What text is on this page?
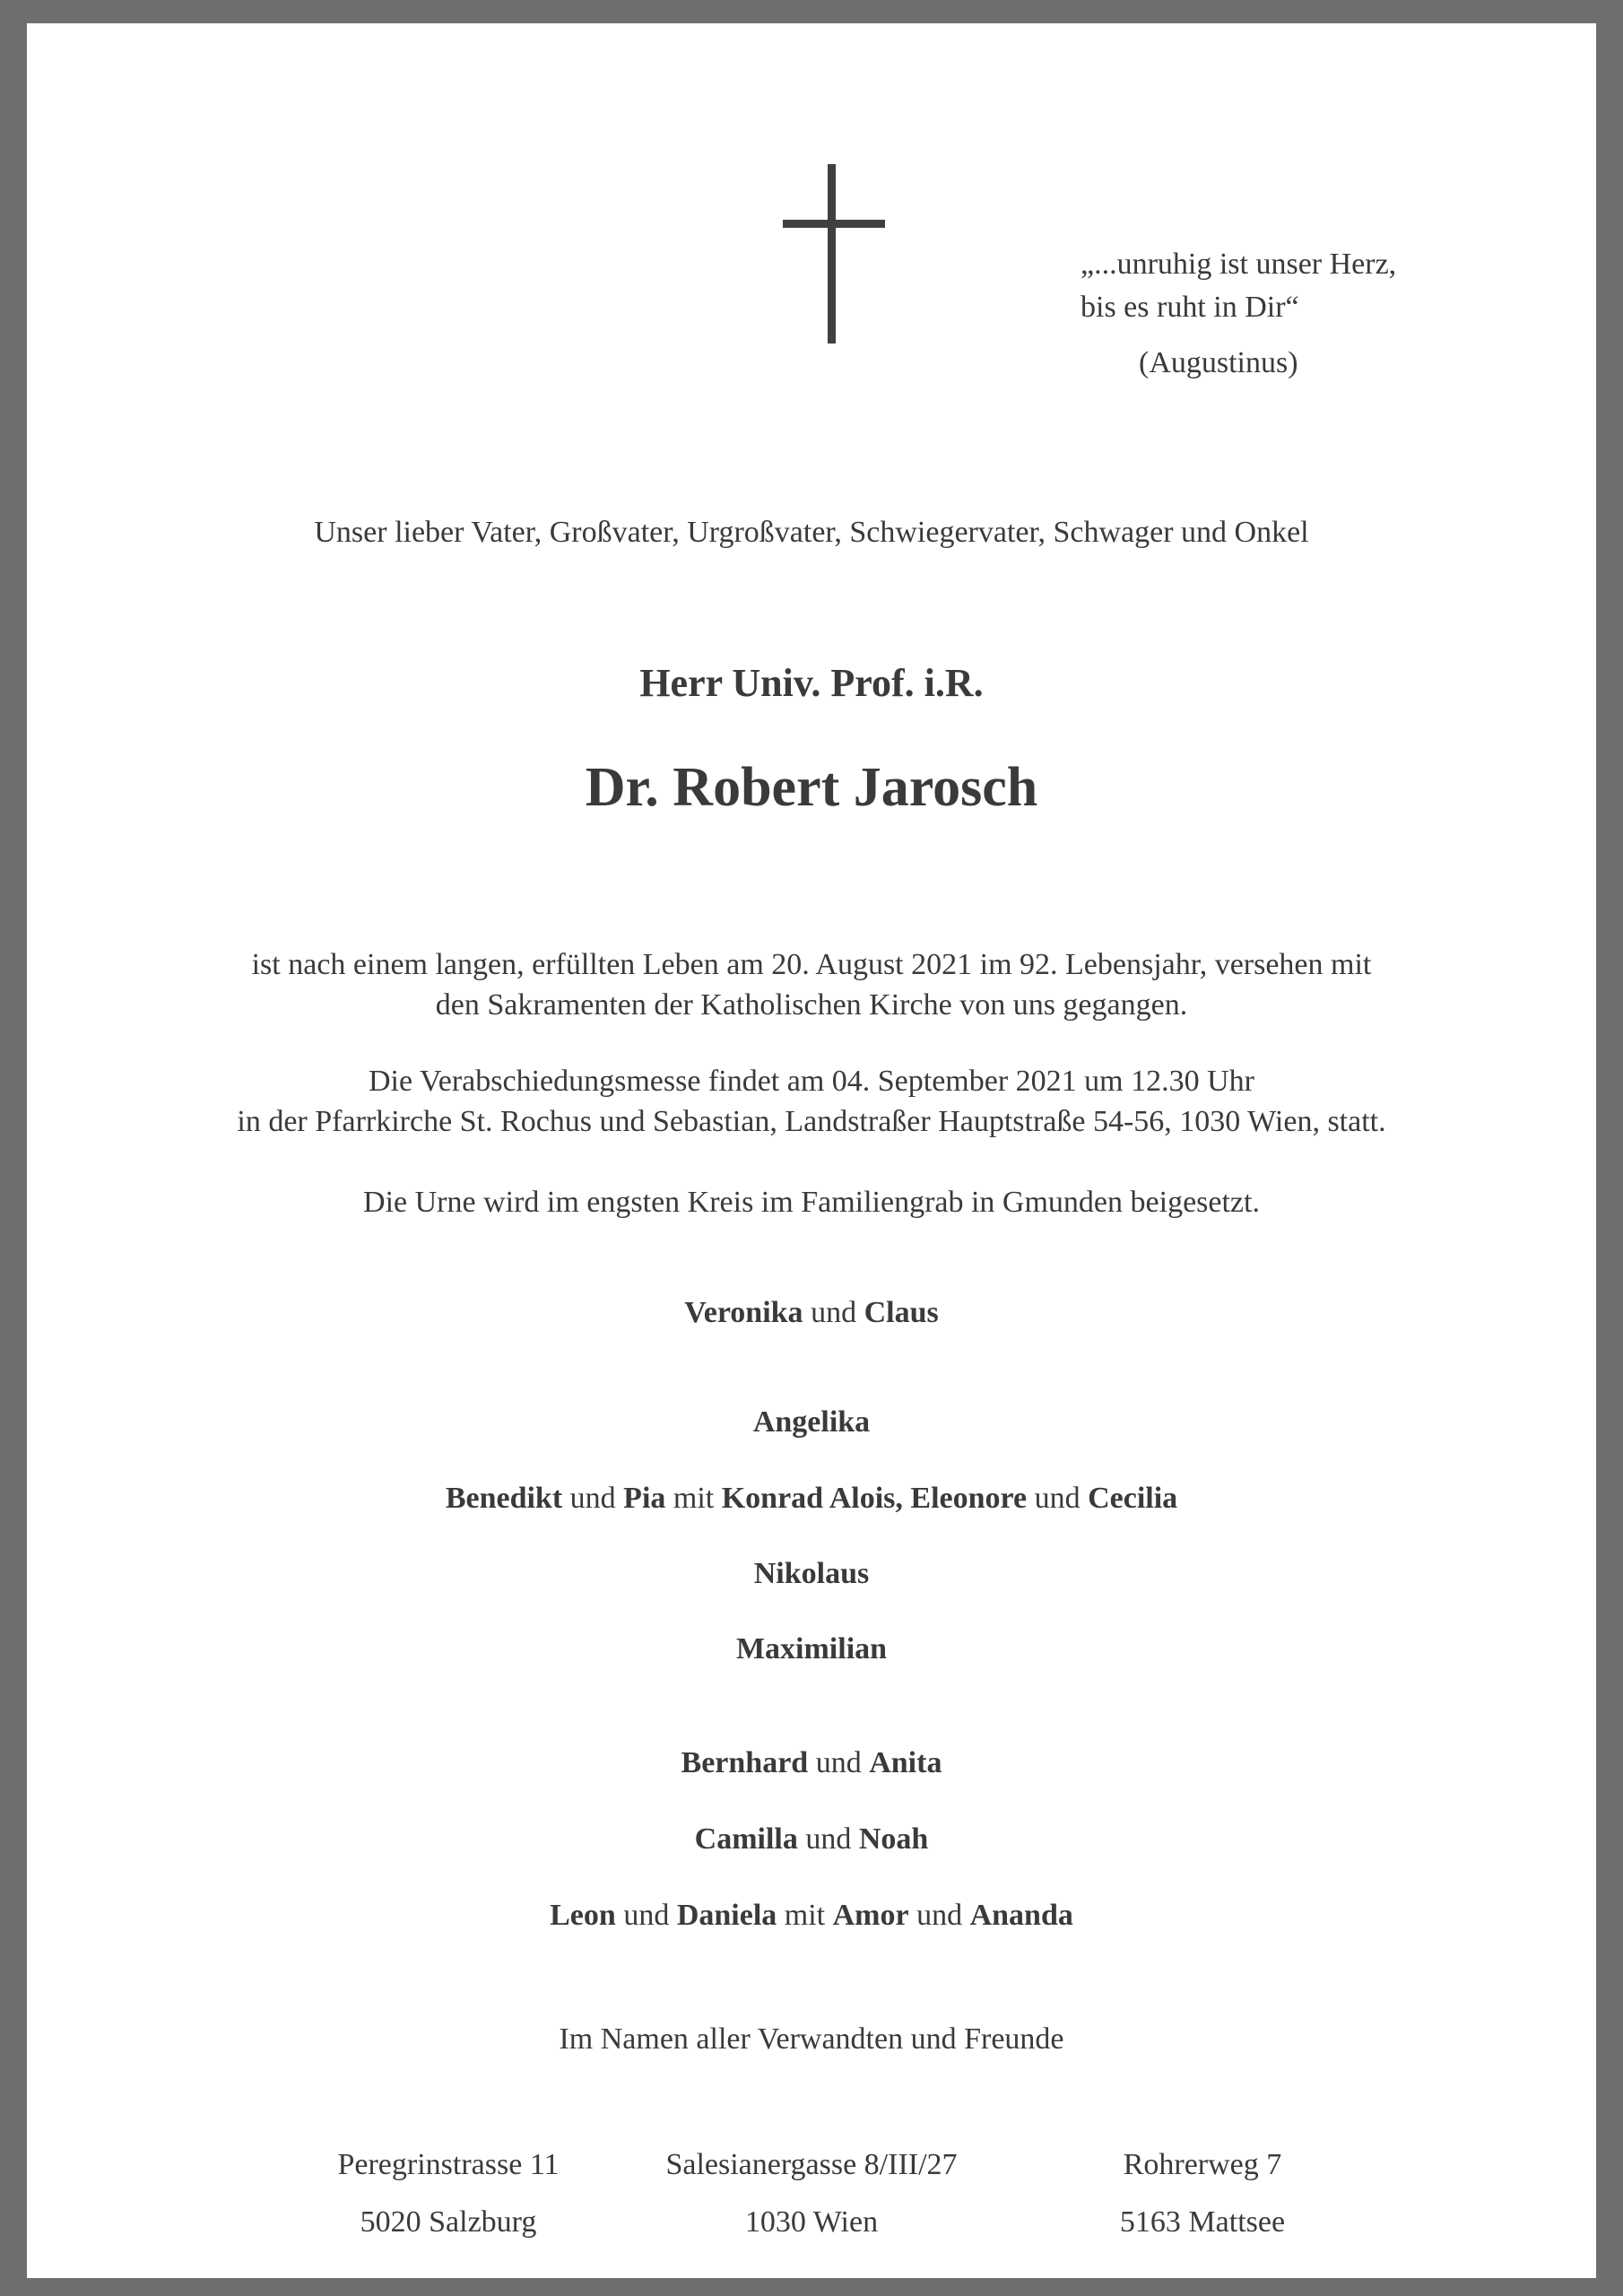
„...unruhig ist unser Herz,
bis es ruht in Dir“
(Augustinus)
Unser lieber Vater, Großvater, Urgroßvater, Schwiegervater, Schwager und Onkel
Herr Univ. Prof. i.R.
Dr. Robert Jarosch
ist nach einem langen, erfüllten Leben am 20. August 2021 im 92. Lebensjahr, versehen mit
den Sakramenten der Katholischen Kirche von uns gegangen.
Die Verabschiedungsmesse findet am 04. September 2021 um 12.30 Uhr
in der Pfarrkirche St. Rochus und Sebastian, Landstraßer Hauptstraße 54-56, 1030 Wien, statt.
Die Urne wird im engsten Kreis im Familiengrab in Gmunden beigesetzt.
Veronika und Claus
Angelika
Benedikt und Pia mit Konrad Alois, Eleonore und Cecilia
Nikolaus
Maximilian
Bernhard und Anita
Camilla und Noah
Leon und Daniela mit Amor und Ananda
Im Namen aller Verwandten und Freunde
Peregrinstrasse 11
5020 Salzburg
Salesianergasse 8/III/27
1030 Wien
Rohrerweg 7
5163 Mattsee
